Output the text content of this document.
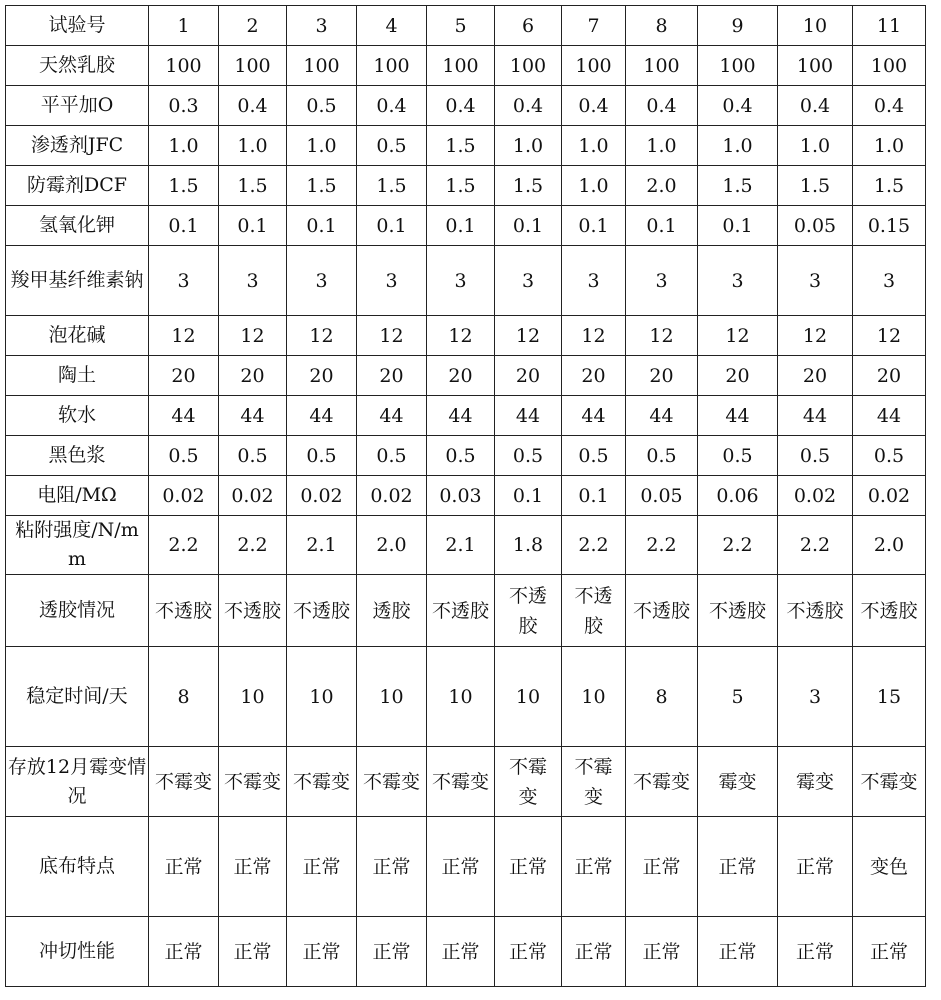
试验号	1	2	3	4	5	6	7	8	9	10	11
天然乳胶	100	100	100	100	100	100	100	100	100	100	100
平平加O	0.3	0.4	0.5	0.4	0.4	0.4	0.4	0.4	0.4	0.4	0.4
渗透剂JFC	1.0	1.0	1.0	0.5	1.5	1.0	1.0	1.0	1.0	1.0	1.0
防霉剂DCF	1.5	1.5	1.5	1.5	1.5	1.5	1.0	2.0	1.5	1.5	1.5
氢氧化钾	0.1	0.1	0.1	0.1	0.1	0.1	0.1	0.1	0.1	0.05	0.15
羧甲基纤维素钠	3	3	3	3	3	3	3	3	3	3	3
泡花碱	12	12	12	12	12	12	12	12	12	12	12
陶土	20	20	20	20	20	20	20	20	20	20	20
软水	44	44	44	44	44	44	44	44	44	44	44
黑色浆	0.5	0.5	0.5	0.5	0.5	0.5	0.5	0.5	0.5	0.5	0.5
电阻/MΩ	0.02	0.02	0.02	0.02	0.03	0.1	0.1	0.05	0.06	0.02	0.02
粘附强度/N/mm	2.2	2.2	2.1	2.0	2.1	1.8	2.2	2.2	2.2	2.2	2.0
透胶情况	不透胶	不透胶	不透胶	透胶	不透胶	不透胶	不透胶	不透胶	不透胶	不透胶	不透胶
稳定时间/天	8	10	10	10	10	10	10	8	5	3	15
存放12月霉变情况	不霉变	不霉变	不霉变	不霉变	不霉变	不霉变	不霉变	不霉变	霉变	霉变	不霉变
底布特点	正常	正常	正常	正常	正常	正常	正常	正常	正常	正常	变色
冲切性能	正常	正常	正常	正常	正常	正常	正常	正常	正常	正常	正常
